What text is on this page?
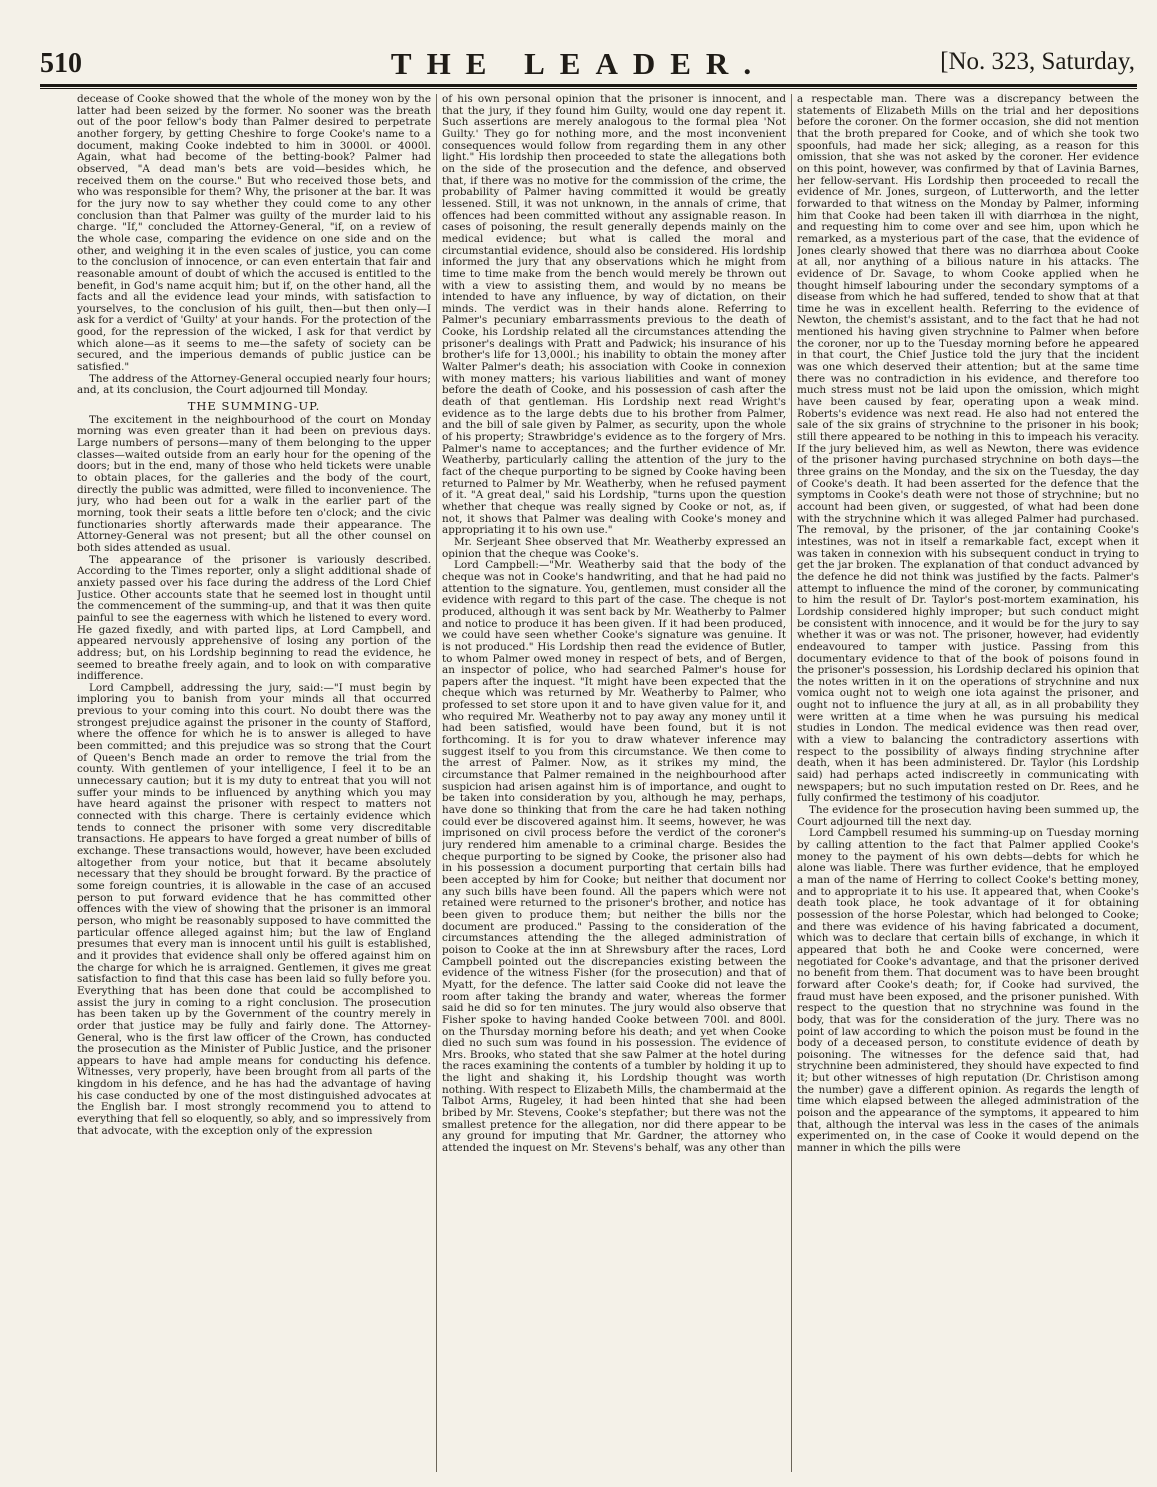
510	THE LEADER.	[No. 323, Saturday,

decease of Cooke showed that the whole of the money won by the latter had been seized by the former. No sooner was the breath out of the poor fellow's body than Palmer desired to perpetrate another forgery, by getting Cheshire to forge Cooke's name to a document, making Cooke indebted to him in 3000l. or 4000l. Again, what had become of the betting-book? Palmer had observed, "A dead man's bets are void—besides which, he received them on the course." But who received those bets, and who was responsible for them? Why, the prisoner at the bar. It was for the jury now to say whether they could come to any other conclusion than that Palmer was guilty of the murder laid to his charge. "If," concluded the Attorney-General, "if, on a review of the whole case, comparing the evidence on one side and on the other, and weighing it in the even scales of justice, you can come to the conclusion of innocence, or can even entertain that fair and reasonable amount of doubt of which the accused is entitled to the benefit, in God's name acquit him; but if, on the other hand, all the facts and all the evidence lead your minds, with satisfaction to yourselves, to the conclusion of his guilt, then—but then only—I ask for a verdict of 'Guilty' at your hands. For the protection of the good, for the repression of the wicked, I ask for that verdict by which alone—as it seems to me—the safety of society can be secured, and the imperious demands of public justice can be satisfied."

The address of the Attorney-General occupied nearly four hours; and, at its conclusion, the Court adjourned till Monday.

THE SUMMING-UP.

The excitement in the neighbourhood of the court on Monday morning was even greater than it had been on previous days. Large numbers of persons—many of them belonging to the upper classes—waited outside from an early hour for the opening of the doors; but in the end, many of those who held tickets were unable to obtain places, for the galleries and the body of the court, directly the public was admitted, were filled to inconvenience. The jury, who had been out for a walk in the earlier part of the morning, took their seats a little before ten o'clock; and the civic functionaries shortly afterwards made their appearance. The Attorney-General was not present; but all the other counsel on both sides attended as usual.

The appearance of the prisoner is variously described. According to the Times reporter, only a slight additional shade of anxiety passed over his face during the address of the Lord Chief Justice. Other accounts state that he seemed lost in thought until the commencement of the summing-up, and that it was then quite painful to see the eagerness with which he listened to every word. He gazed fixedly, and with parted lips, at Lord Campbell, and appeared nervously apprehensive of losing any portion of the address; but, on his Lordship beginning to read the evidence, he seemed to breathe freely again, and to look on with comparative indifference.

Lord Campbell, addressing the jury, said:—"I must begin by imploring you to banish from your minds all that occurred previous to your coming into this court. No doubt there was the strongest prejudice against the prisoner in the county of Stafford, where the offence for which he is to answer is alleged to have been committed; and this prejudice was so strong that the Court of Queen's Bench made an order to remove the trial from the county. With gentlemen of your intelligence, I feel it to be an unnecessary caution; but it is my duty to entreat that you will not suffer your minds to be influenced by anything which you may have heard against the prisoner with respect to matters not connected with this charge. There is certainly evidence which tends to connect the prisoner with some very discreditable transactions. He appears to have forged a great number of bills of exchange. These transactions would, however, have been excluded altogether from your notice, but that it became absolutely necessary that they should be brought forward. By the practice of some foreign countries, it is allowable in the case of an accused person to put forward evidence that he has committed other offences with the view of showing that the prisoner is an immoral person, who might be reasonably supposed to have committed the particular offence alleged against him; but the law of England presumes that every man is innocent until his guilt is established, and it provides that evidence shall only be offered against him on the charge for which he is arraigned. Gentlemen, it gives me great satisfaction to find that this case has been laid so fully before you. Everything that has been done that could be accomplished to assist the jury in coming to a right conclusion. The prosecution has been taken up by the Government of the country merely in order that justice may be fully and fairly done. The Attorney-General, who is the first law officer of the Crown, has conducted the prosecution as the Minister of Public Justice, and the prisoner appears to have had ample means for conducting his defence. Witnesses, very properly, have been brought from all parts of the kingdom in his defence, and he has had the advantage of having his case conducted by one of the most distinguished advocates at the English bar. I most strongly recommend you to attend to everything that fell so eloquently, so ably, and so impressively from that advocate, with the exception only of the expression

of his own personal opinion that the prisoner is innocent, and that the jury, if they found him Guilty, would one day repent it. Such assertions are merely analogous to the formal plea 'Not Guilty.' They go for nothing more, and the most inconvenient consequences would follow from regarding them in any other light." His lordship then proceeded to state the allegations both on the side of the prosecution and the defence, and observed that, if there was no motive for the commission of the crime, the probability of Palmer having committed it would be greatly lessened. Still, it was not unknown, in the annals of crime, that offences had been committed without any assignable reason. In cases of poisoning, the result generally depends mainly on the medical evidence; but what is called the moral and circumstantial evidence, should also be considered. His lordship informed the jury that any observations which he might from time to time make from the bench would merely be thrown out with a view to assisting them, and would by no means be intended to have any influence, by way of dictation, on their minds. The verdict was in their hands alone. Referring to Palmer's pecuniary embarrassments previous to the death of Cooke, his Lordship related all the circumstances attending the prisoner's dealings with Pratt and Padwick; his insurance of his brother's life for 13,000l.; his inability to obtain the money after Walter Palmer's death; his association with Cooke in connexion with money matters; his various liabilities and want of money before the death of Cooke, and his possession of cash after the death of that gentleman. His Lordship next read Wright's evidence as to the large debts due to his brother from Palmer, and the bill of sale given by Palmer, as security, upon the whole of his property; Strawbridge's evidence as to the forgery of Mrs. Palmer's name to acceptances; and the further evidence of Mr. Weatherby, particularly calling the attention of the jury to the fact of the cheque purporting to be signed by Cooke having been returned to Palmer by Mr. Weatherby, when he refused payment of it. "A great deal," said his Lordship, "turns upon the question whether that cheque was really signed by Cooke or not, as, if not, it shows that Palmer was dealing with Cooke's money and appropriating it to his own use."

Mr. Serjeant Shee observed that Mr. Weatherby expressed an opinion that the cheque was Cooke's.

Lord Campbell:—"Mr. Weatherby said that the body of the cheque was not in Cooke's handwriting, and that he had paid no attention to the signature. You, gentlemen, must consider all the evidence with regard to this part of the case. The cheque is not produced, although it was sent back by Mr. Weatherby to Palmer and notice to produce it has been given. If it had been produced, we could have seen whether Cooke's signature was genuine. It is not produced." His Lordship then read the evidence of Butler, to whom Palmer owed money in respect of bets, and of Bergen, an inspector of police, who had searched Palmer's house for papers after the inquest. "It might have been expected that the cheque which was returned by Mr. Weatherby to Palmer, who professed to set store upon it and to have given value for it, and who required Mr. Weatherby not to pay away any money until it had been satisfied, would have been found, but it is not forthcoming. It is for you to draw whatever inference may suggest itself to you from this circumstance. We then come to the arrest of Palmer. Now, as it strikes my mind, the circumstance that Palmer remained in the neighbourhood after suspicion had arisen against him is of importance, and ought to be taken into consideration by you, although he may, perhaps, have done so thinking that from the care he had taken nothing could ever be discovered against him. It seems, however, he was imprisoned on civil process before the verdict of the coroner's jury rendered him amenable to a criminal charge. Besides the cheque purporting to be signed by Cooke, the prisoner also had in his possession a document purporting that certain bills had been accepted by him for Cooke; but neither that document nor any such bills have been found. All the papers which were not retained were returned to the prisoner's brother, and notice has been given to produce them; but neither the bills nor the document are produced." Passing to the consideration of the circumstances attending the the alleged administration of poison to Cooke at the inn at Shrewsbury after the races, Lord Campbell pointed out the discrepancies existing between the evidence of the witness Fisher (for the prosecution) and that of Myatt, for the defence. The latter said Cooke did not leave the room after taking the brandy and water, whereas the former said he did so for ten minutes. The jury would also observe that Fisher spoke to having handed Cooke between 700l. and 800l. on the Thursday morning before his death; and yet when Cooke died no such sum was found in his possession. The evidence of Mrs. Brooks, who stated that she saw Palmer at the hotel during the races examining the contents of a tumbler by holding it up to the light and shaking it, his Lordship thought was worth nothing. With respect to Elizabeth Mills, the chambermaid at the Talbot Arms, Rugeley, it had been hinted that she had been bribed by Mr. Stevens, Cooke's stepfather; but there was not the smallest pretence for the allegation, nor did there appear to be any ground for imputing that Mr. Gardner, the attorney who attended the inquest on Mr. Stevens's behalf, was any other than

a respectable man. There was a discrepancy between the statements of Elizabeth Mills on the trial and her depositions before the coroner. On the former occasion, she did not mention that the broth prepared for Cooke, and of which she took two spoonfuls, had made her sick; alleging, as a reason for this omission, that she was not asked by the coroner. Her evidence on this point, however, was confirmed by that of Lavinia Barnes, her fellow-servant. His Lordship then proceeded to recall the evidence of Mr. Jones, surgeon, of Lutterworth, and the letter forwarded to that witness on the Monday by Palmer, informing him that Cooke had been taken ill with diarrhœa in the night, and requesting him to come over and see him, upon which he remarked, as a mysterious part of the case, that the evidence of Jones clearly showed that there was no diarrhœa about Cooke at all, nor anything of a bilious nature in his attacks. The evidence of Dr. Savage, to whom Cooke applied when he thought himself labouring under the secondary symptoms of a disease from which he had suffered, tended to show that at that time he was in excellent health. Referring to the evidence of Newton, the chemist's assistant, and to the fact that he had not mentioned his having given strychnine to Palmer when before the coroner, nor up to the Tuesday morning before he appeared in that court, the Chief Justice told the jury that the incident was one which deserved their attention; but at the same time there was no contradiction in his evidence, and therefore too much stress must not be laid upon the omission, which might have been caused by fear, operating upon a weak mind. Roberts's evidence was next read. He also had not entered the sale of the six grains of strychnine to the prisoner in his book; still there appeared to be nothing in this to impeach his veracity. If the jury believed him, as well as Newton, there was evidence of the prisoner having purchased strychnine on both days—the three grains on the Monday, and the six on the Tuesday, the day of Cooke's death. It had been asserted for the defence that the symptoms in Cooke's death were not those of strychnine; but no account had been given, or suggested, of what had been done with the strychnine which it was alleged Palmer had purchased. The removal, by the prisoner, of the jar containing Cooke's intestines, was not in itself a remarkable fact, except when it was taken in connexion with his subsequent conduct in trying to get the jar broken. The explanation of that conduct advanced by the defence he did not think was justified by the facts. Palmer's attempt to influence the mind of the coroner, by communicating to him the result of Dr. Taylor's post-mortem examination, his Lordship considered highly improper; but such conduct might be consistent with innocence, and it would be for the jury to say whether it was or was not. The prisoner, however, had evidently endeavoured to tamper with justice. Passing from this documentary evidence to that of the book of poisons found in the prisoner's possession, his Lordship declared his opinion that the notes written in it on the operations of strychnine and nux vomica ought not to weigh one iota against the prisoner, and ought not to influence the jury at all, as in all probability they were written at a time when he was pursuing his medical studies in London. The medical evidence was then read over, with a view to balancing the contradictory assertions with respect to the possibility of always finding strychnine after death, when it has been administered. Dr. Taylor (his Lordship said) had perhaps acted indiscreetly in communicating with newspapers; but no such imputation rested on Dr. Rees, and he fully confirmed the testimony of his coadjutor.

The evidence for the prosecution having been summed up, the Court adjourned till the next day.

Lord Campbell resumed his summing-up on Tuesday morning by calling attention to the fact that Palmer applied Cooke's money to the payment of his own debts—debts for which he alone was liable. There was further evidence, that he employed a man of the name of Herring to collect Cooke's betting money, and to appropriate it to his use. It appeared that, when Cooke's death took place, he took advantage of it for obtaining possession of the horse Polestar, which had belonged to Cooke; and there was evidence of his having fabricated a document, which was to declare that certain bills of exchange, in which it appeared that both he and Cooke were concerned, were negotiated for Cooke's advantage, and that the prisoner derived no benefit from them. That document was to have been brought forward after Cooke's death; for, if Cooke had survived, the fraud must have been exposed, and the prisoner punished. With respect to the question that no strychnine was found in the body, that was for the consideration of the jury. There was no point of law according to which the poison must be found in the body of a deceased person, to constitute evidence of death by poisoning. The witnesses for the defence said that, had strychnine been administered, they should have expected to find it; but other witnesses of high reputation (Dr. Christison among the number) gave a different opinion. As regards the length of time which elapsed between the alleged administration of the poison and the appearance of the symptoms, it appeared to him that, although the interval was less in the cases of the animals experimented on, in the case of Cooke it would depend on the manner in which the pills were
